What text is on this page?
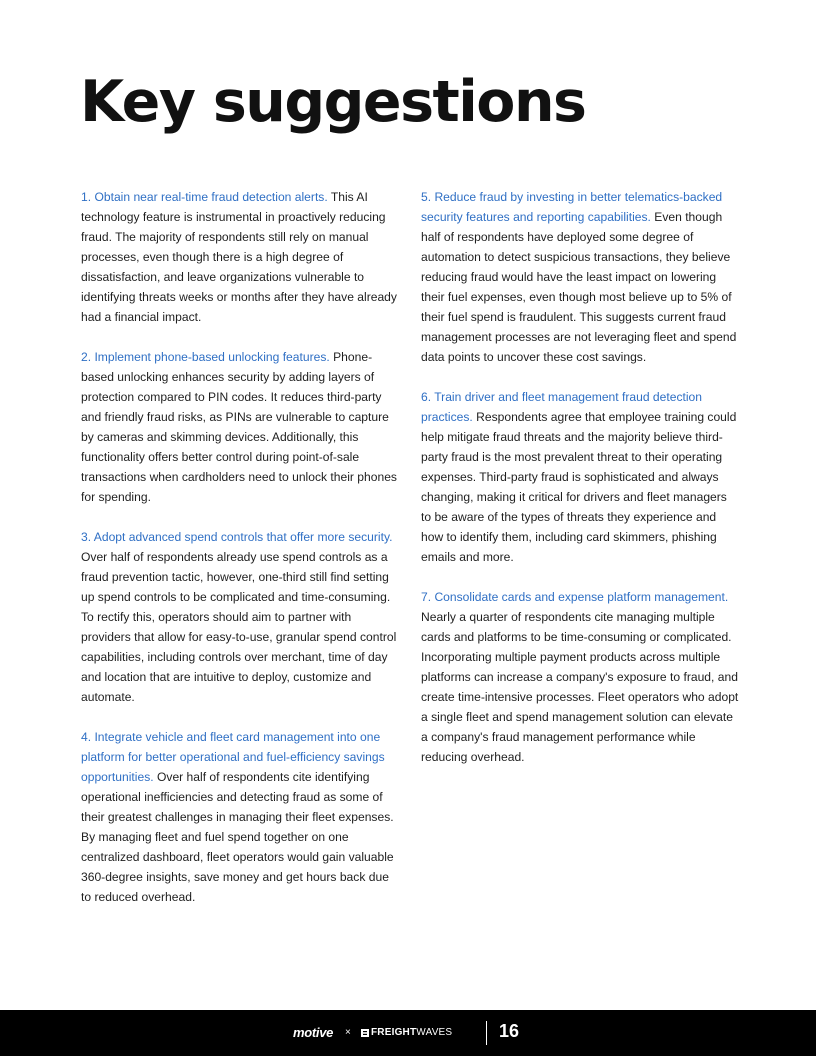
Key suggestions

1. Obtain near real-time fraud detection alerts. This AI technology feature is instrumental in proactively reducing fraud. The majority of respondents still rely on manual processes, even though there is a high degree of dissatisfaction, and leave organizations vulnerable to identifying threats weeks or months after they have already had a financial impact.

2. Implement phone-based unlocking features. Phone-based unlocking enhances security by adding layers of protection compared to PIN codes. It reduces third-party and friendly fraud risks, as PINs are vulnerable to capture by cameras and skimming devices. Additionally, this functionality offers better control during point-of-sale transactions when cardholders need to unlock their phones for spending.

3. Adopt advanced spend controls that offer more security. Over half of respondents already use spend controls as a fraud prevention tactic, however, one-third still find setting up spend controls to be complicated and time-consuming. To rectify this, operators should aim to partner with providers that allow for easy-to-use, granular spend control capabilities, including controls over merchant, time of day and location that are intuitive to deploy, customize and automate.

4. Integrate vehicle and fleet card management into one platform for better operational and fuel-efficiency savings opportunities. Over half of respondents cite identifying operational inefficiencies and detecting fraud as some of their greatest challenges in managing their fleet expenses. By managing fleet and fuel spend together on one centralized dashboard, fleet operators would gain valuable 360-degree insights, save money and get hours back due to reduced overhead.

5. Reduce fraud by investing in better telematics-backed security features and reporting capabilities. Even though half of respondents have deployed some degree of automation to detect suspicious transactions, they believe reducing fraud would have the least impact on lowering their fuel expenses, even though most believe up to 5% of their fuel spend is fraudulent. This suggests current fraud management processes are not leveraging fleet and spend data points to uncover these cost savings.

6. Train driver and fleet management fraud detection practices. Respondents agree that employee training could help mitigate fraud threats and the majority believe third-party fraud is the most prevalent threat to their operating expenses. Third-party fraud is sophisticated and always changing, making it critical for drivers and fleet managers to be aware of the types of threats they experience and how to identify them, including card skimmers, phishing emails and more.

7. Consolidate cards and expense platform management. Nearly a quarter of respondents cite managing multiple cards and platforms to be time-consuming or complicated. Incorporating multiple payment products across multiple platforms can increase a company's exposure to fraud, and create time-intensive processes. Fleet operators who adopt a single fleet and spend management solution can elevate a company's fraud management performance while reducing overhead.

motive × FREIGHTWAVES	16
